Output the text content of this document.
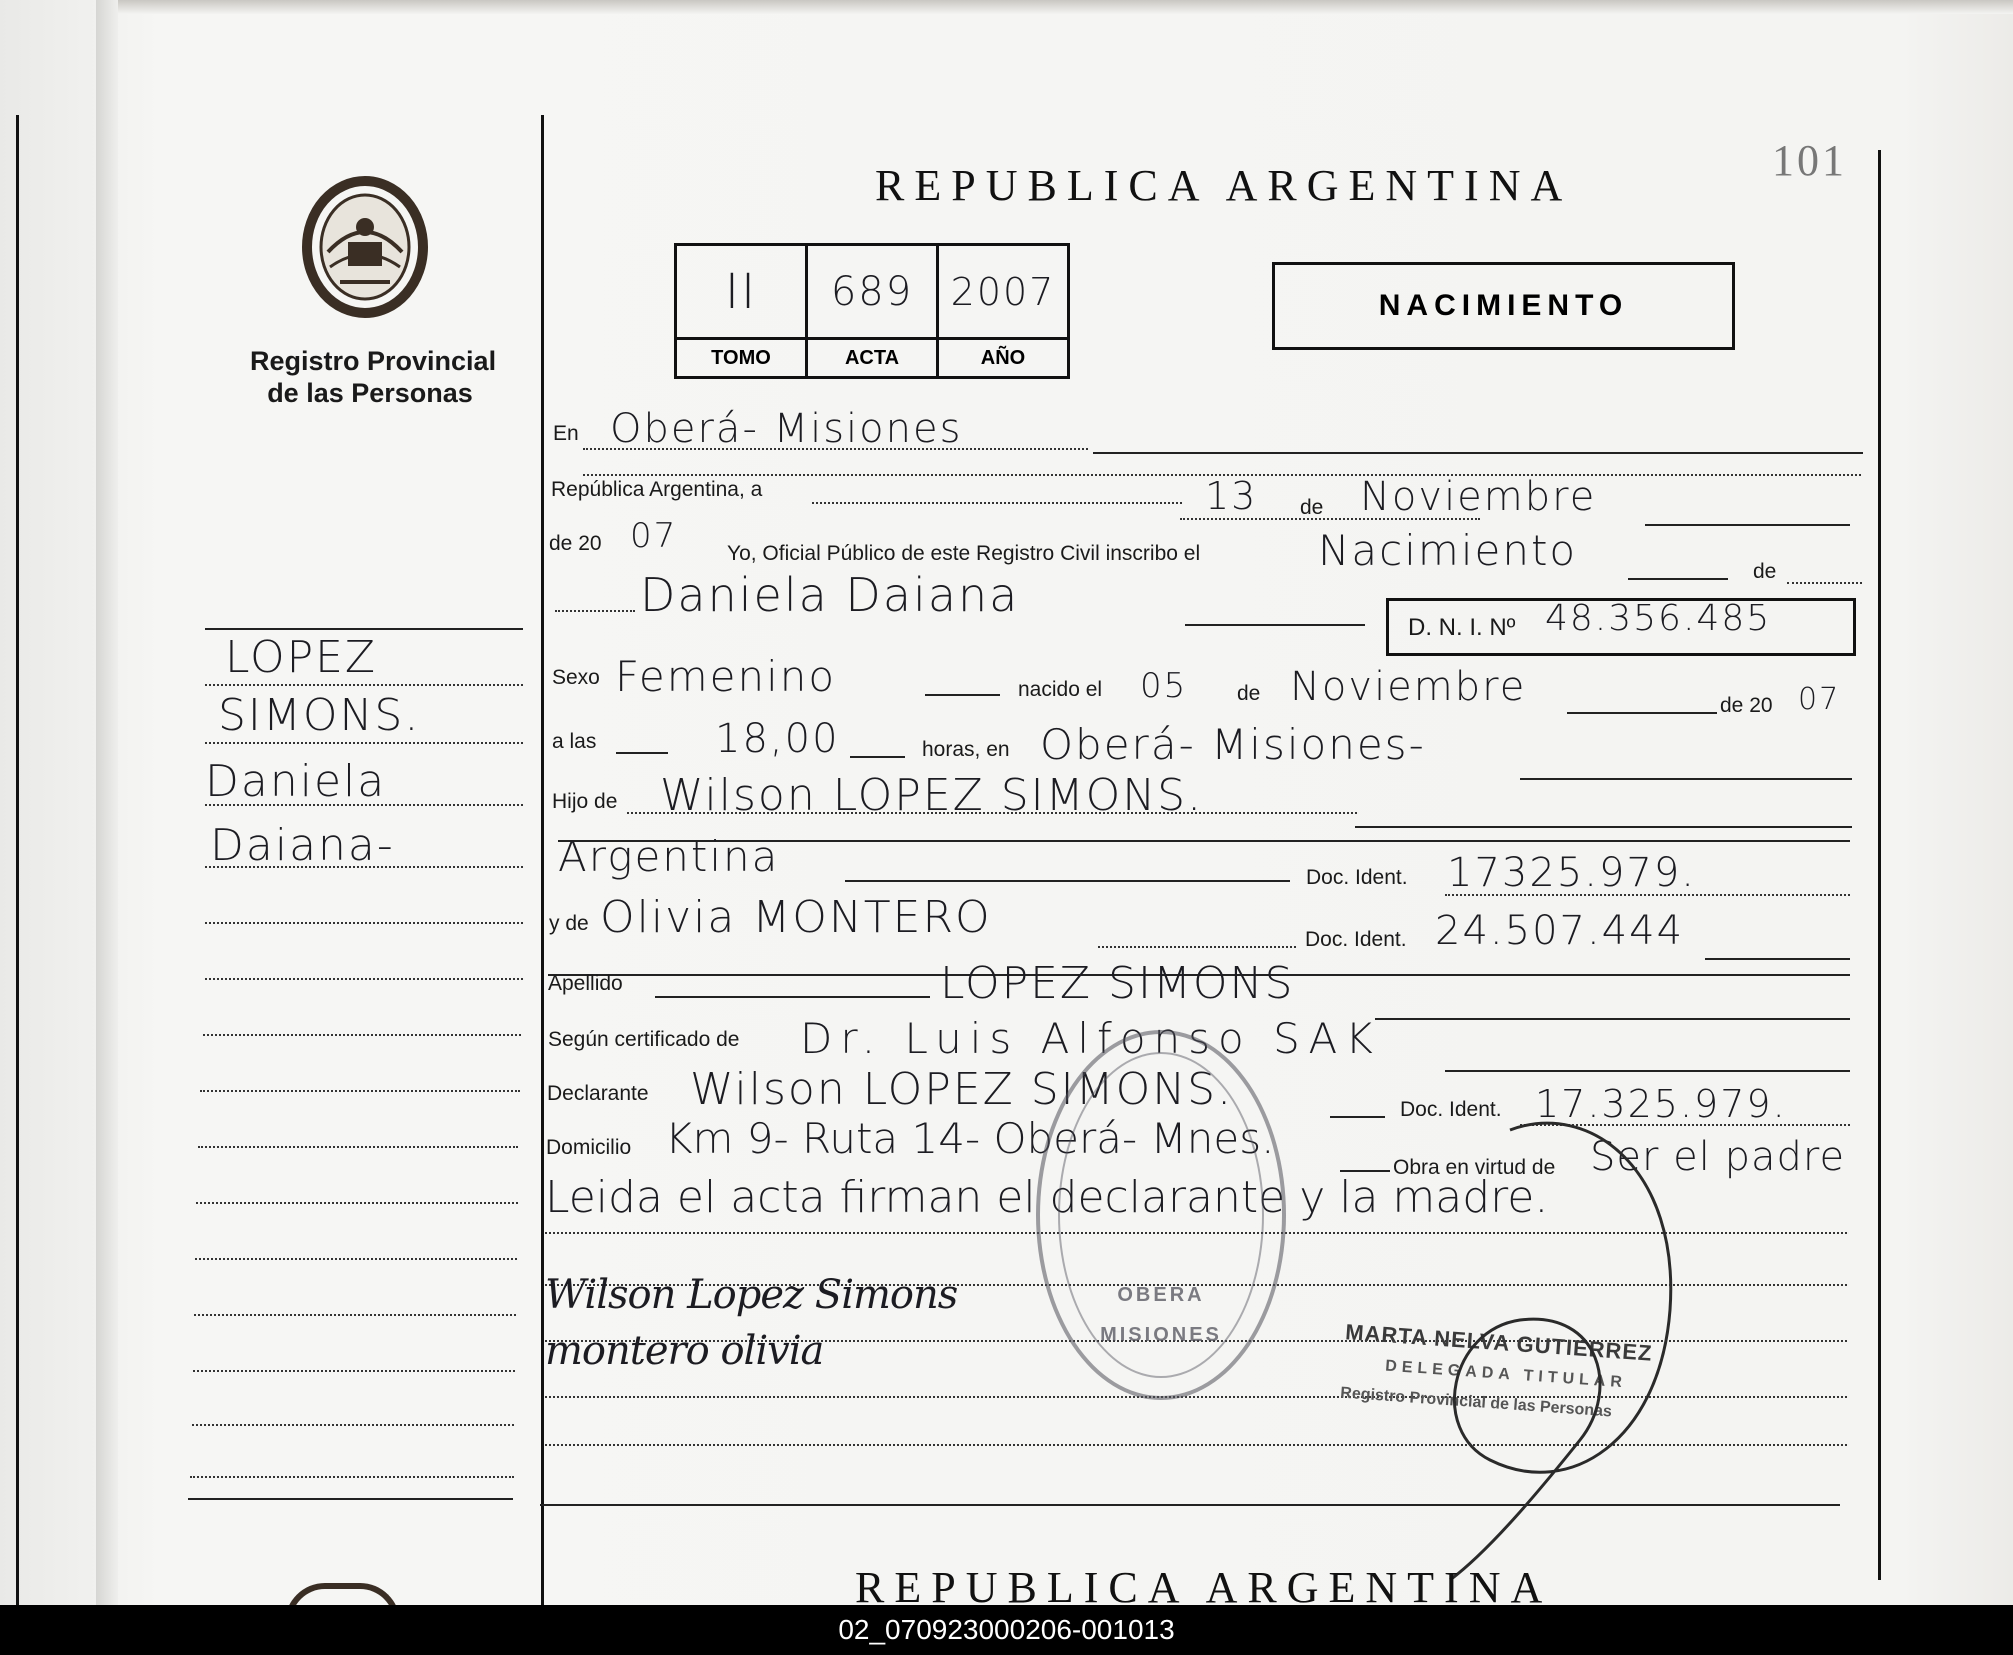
Registro Provincial
de las Personas
REPUBLICA ARGENTINA
101
II	689	2007
TOMO	ACTA	AÑO
NACIMIENTO
LOPEZ
SIMONS.
Daniela
Daiana-
En Oberá- Misiones
República Argentina, a	13 de Noviembre
de 20 07 Yo, Oficial Público de este Registro Civil inscribo el	Nacimiento	de
Daniela Daiana
D. N. I. Nº 48.356.485
Sexo Femenino	nacido el 05 de Noviembre	de 20 07
a las	18,00	horas, en Oberá- Misiones-
Hijo de Wilson LOPEZ SIMONS.
Argentina	Doc. Ident. 17325.979.
y de Olivia MONTERO	Doc. Ident. 24.507.444
Apellido	LOPEZ SIMONS
Según certificado de Dr. Luis Alfonso SAK
Declarante Wilson LOPEZ SIMONS.	Doc. Ident. 17.325.979.
Domicilio Km 9- Ruta 14- Oberá- Mnes.
Obra en virtud de Ser el padre
Leida el acta firman el declarante y la madre.
Wilson Lopez Simons
montero olivia
OBERA
MISIONES	MARTA NELVA GUTIERREZ
DELEGADA TITULAR
Registro Provincial de las Personas
REPUBLICA ARGENTINA
02_070923000206-001013
